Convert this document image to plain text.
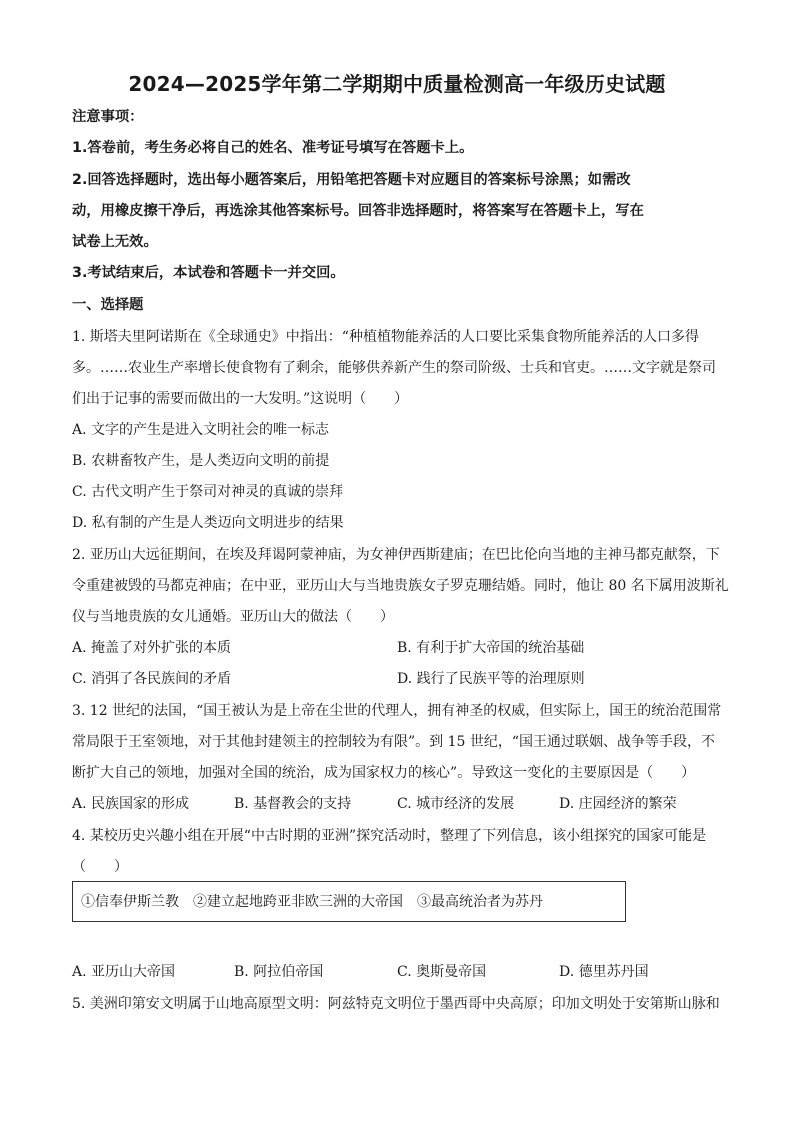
2024—2025学年第二学期期中质量检测高一年级历史试题
注意事项：
1.答卷前，考生务必将自己的姓名、准考证号填写在答题卡上。
2.回答选择题时，选出每小题答案后，用铅笔把答题卡对应题目的答案标号涂黑；如需改
动，用橡皮擦干净后，再选涂其他答案标号。回答非选择题时，将答案写在答题卡上，写在
试卷上无效。
3.考试结束后，本试卷和答题卡一并交回。
一、选择题
1. 斯塔夫里阿诺斯在《全球通史》中指出：“种植植物能养活的人口要比采集食物所能养活的人口多得
多。……农业生产率增长使食物有了剩余，能够供养新产生的祭司阶级、士兵和官吏。……文字就是祭司
们出于记事的需要而做出的一大发明。”这说明（　　）
A. 文字的产生是进入文明社会的唯一标志
B. 农耕畜牧产生，是人类迈向文明的前提
C. 古代文明产生于祭司对神灵的真诚的崇拜
D. 私有制的产生是人类迈向文明进步的结果
2. 亚历山大远征期间，在埃及拜谒阿蒙神庙，为女神伊西斯建庙；在巴比伦向当地的主神马都克献祭，下
令重建被毁的马都克神庙；在中亚，亚历山大与当地贵族女子罗克珊结婚。同时，他让 80 名下属用波斯礼
仪与当地贵族的女儿通婚。亚历山大的做法（　　）
A. 掩盖了对外扩张的本质	B. 有利于扩大帝国的统治基础
C. 消弭了各民族间的矛盾	D. 践行了民族平等的治理原则
3. 12 世纪的法国，“国王被认为是上帝在尘世的代理人，拥有神圣的权威，但实际上，国王的统治范围常
常局限于王室领地，对于其他封建领主的控制较为有限”。到 15 世纪，“国王通过联姻、战争等手段，不
断扩大自己的领地，加强对全国的统治，成为国家权力的核心”。导致这一变化的主要原因是（　　）
A. 民族国家的形成	B. 基督教会的支持	C. 城市经济的发展	D. 庄园经济的繁荣
4. 某校历史兴趣小组在开展“中古时期的亚洲”探究活动时，整理了下列信息，该小组探究的国家可能是
（　　）
①信奉伊斯兰教　②建立起地跨亚非欧三洲的大帝国　③最高统治者为苏丹
A. 亚历山大帝国	B. 阿拉伯帝国	C. 奥斯曼帝国	D. 德里苏丹国
5. 美洲印第安文明属于山地高原型文明：阿兹特克文明位于墨西哥中央高原；印加文明处于安第斯山脉和
